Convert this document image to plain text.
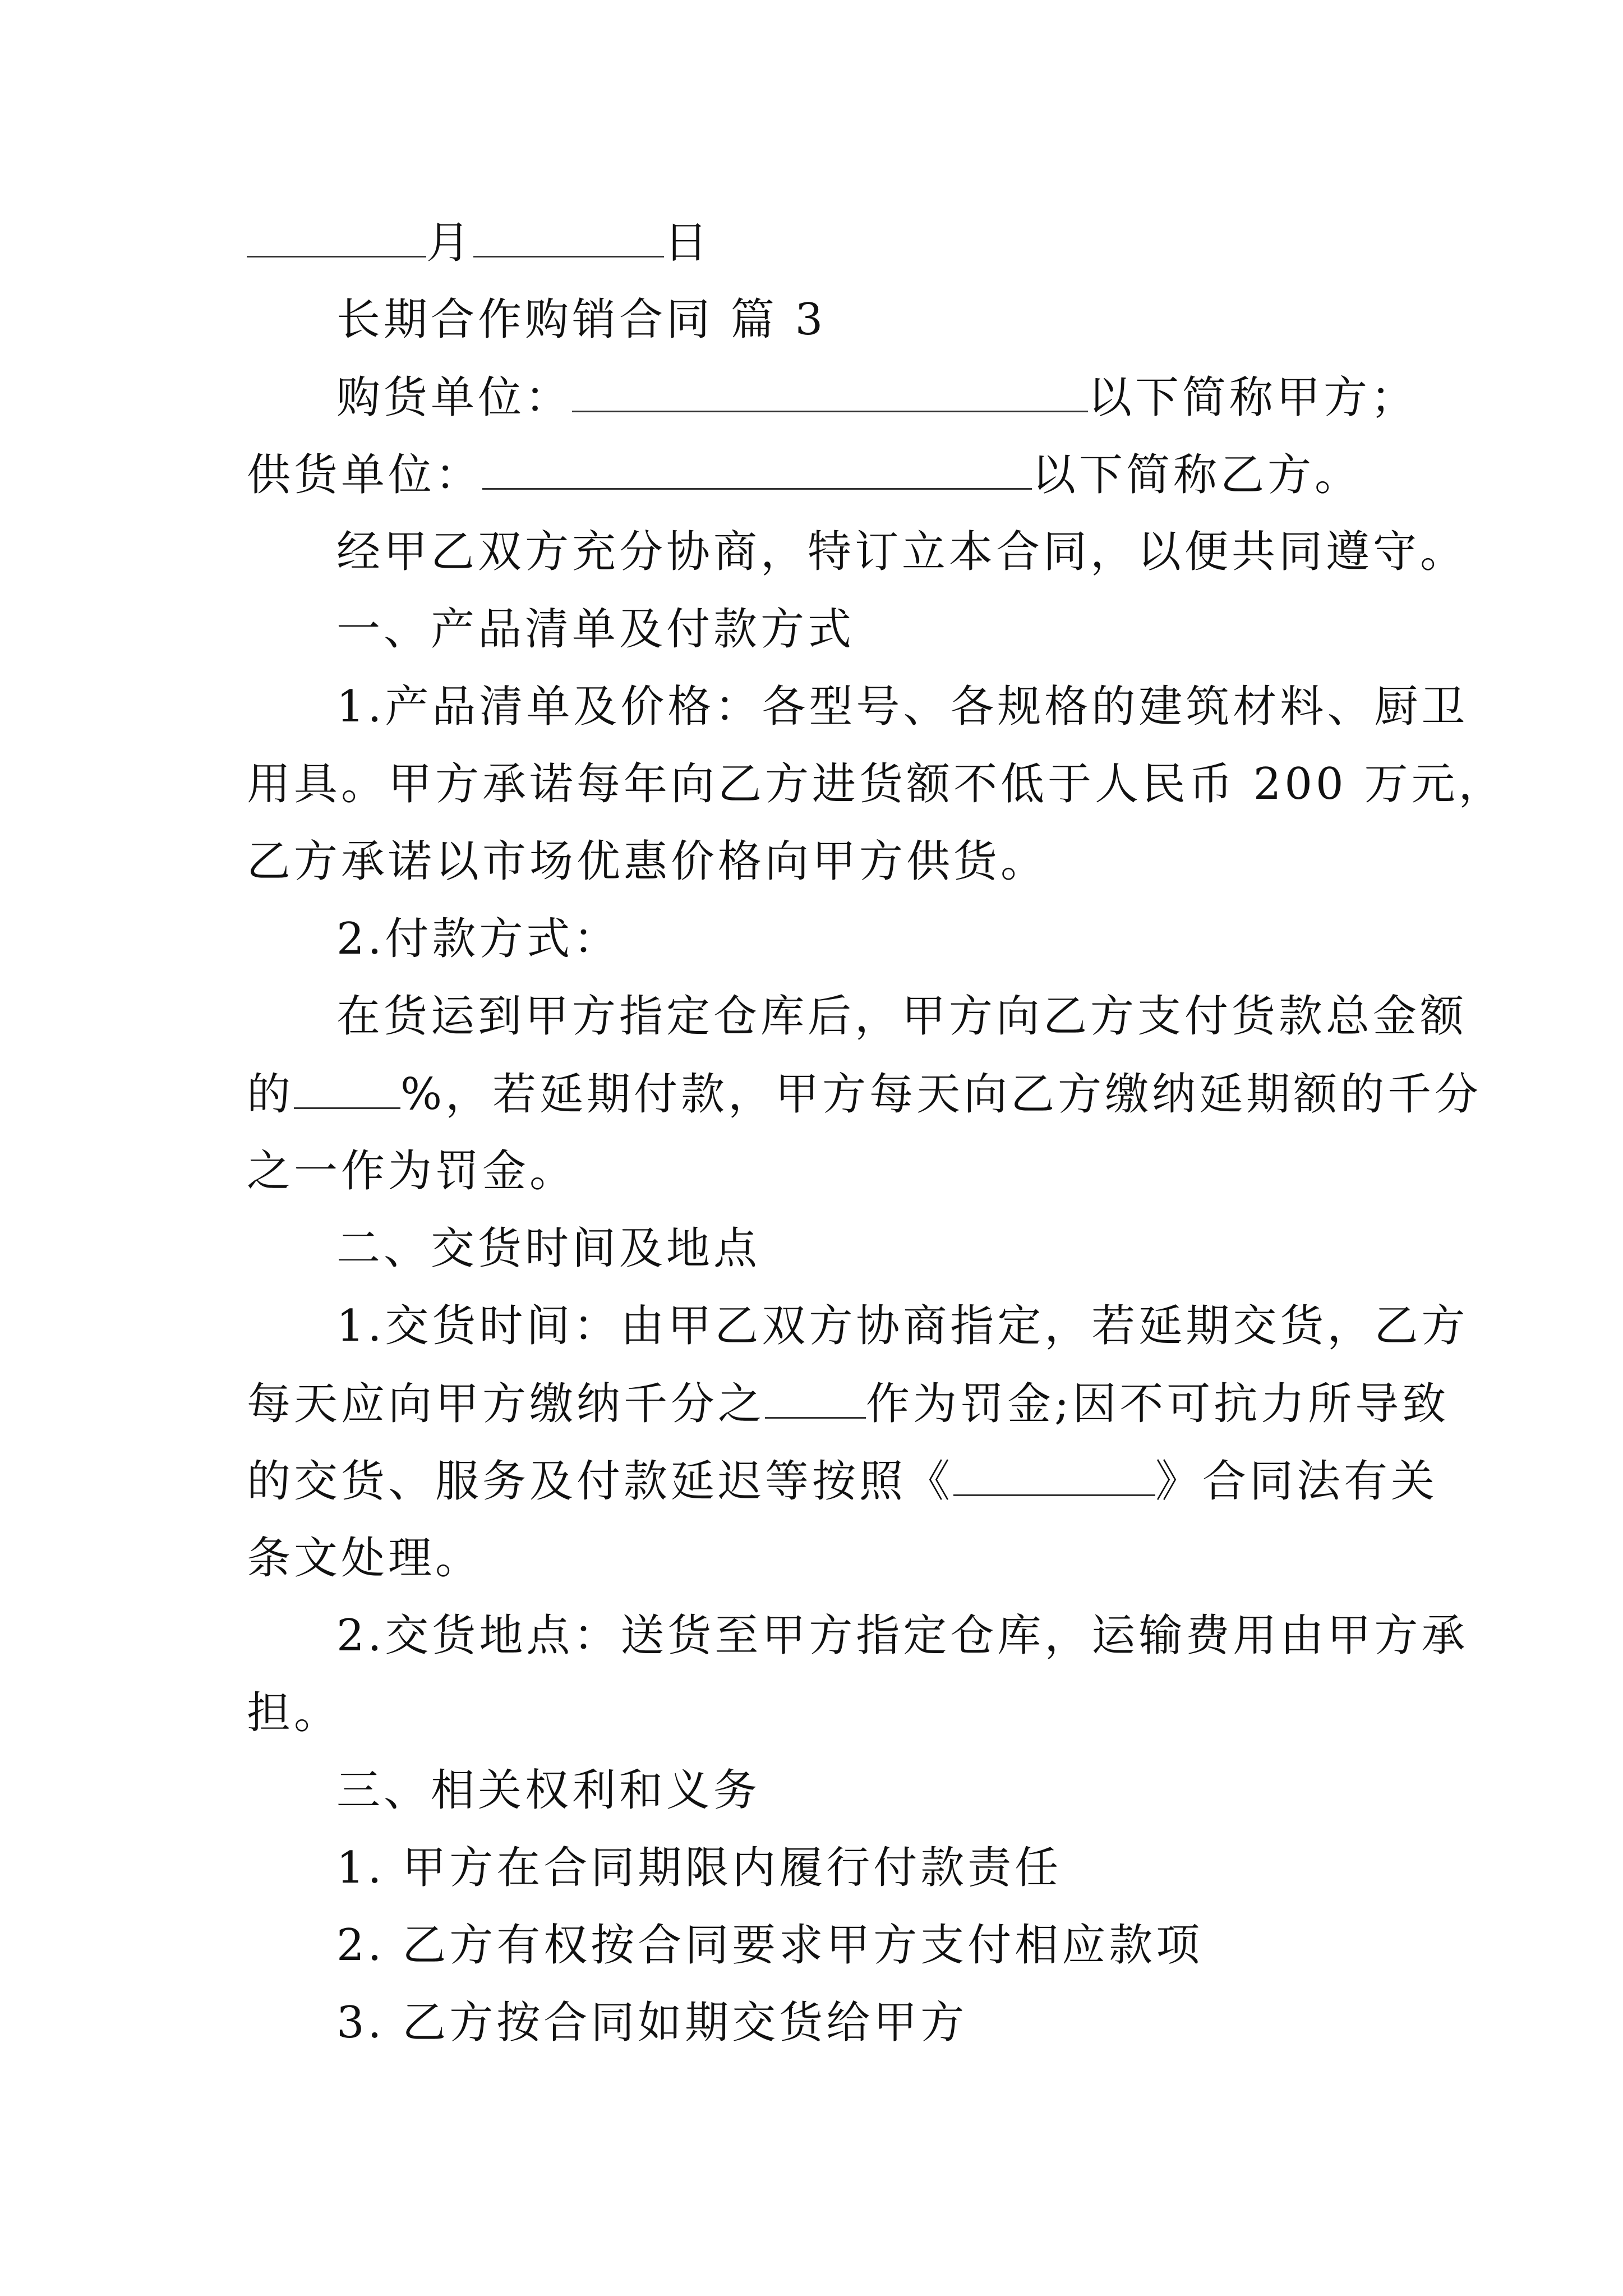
月	日
长期合作购销合同 篇 3
购货单位：	以下简称甲方；
供货单位：	以下简称乙方。
经甲乙双方充分协商，特订立本合同，以便共同遵守。
一、产品清单及付款方式
1.产品清单及价格：各型号、各规格的建筑材料、厨卫
用具。甲方承诺每年向乙方进货额不低于人民币 200 万元，
乙方承诺以市场优惠价格向甲方供货。
2.付款方式：
在货运到甲方指定仓库后，甲方向乙方支付货款总金额
的 %，若延期付款，甲方每天向乙方缴纳延期额的千分
之一作为罚金。
二、交货时间及地点
1.交货时间：由甲乙双方协商指定，若延期交货，乙方
每天应向甲方缴纳千分之 作为罚金;因不可抗力所导致
的交货、服务及付款延迟等按照《	》合同法有关
条文处理。
2.交货地点：送货至甲方指定仓库，运输费用由甲方承
担。
三、相关权利和义务
1. 甲方在合同期限内履行付款责任
2. 乙方有权按合同要求甲方支付相应款项
3. 乙方按合同如期交货给甲方
